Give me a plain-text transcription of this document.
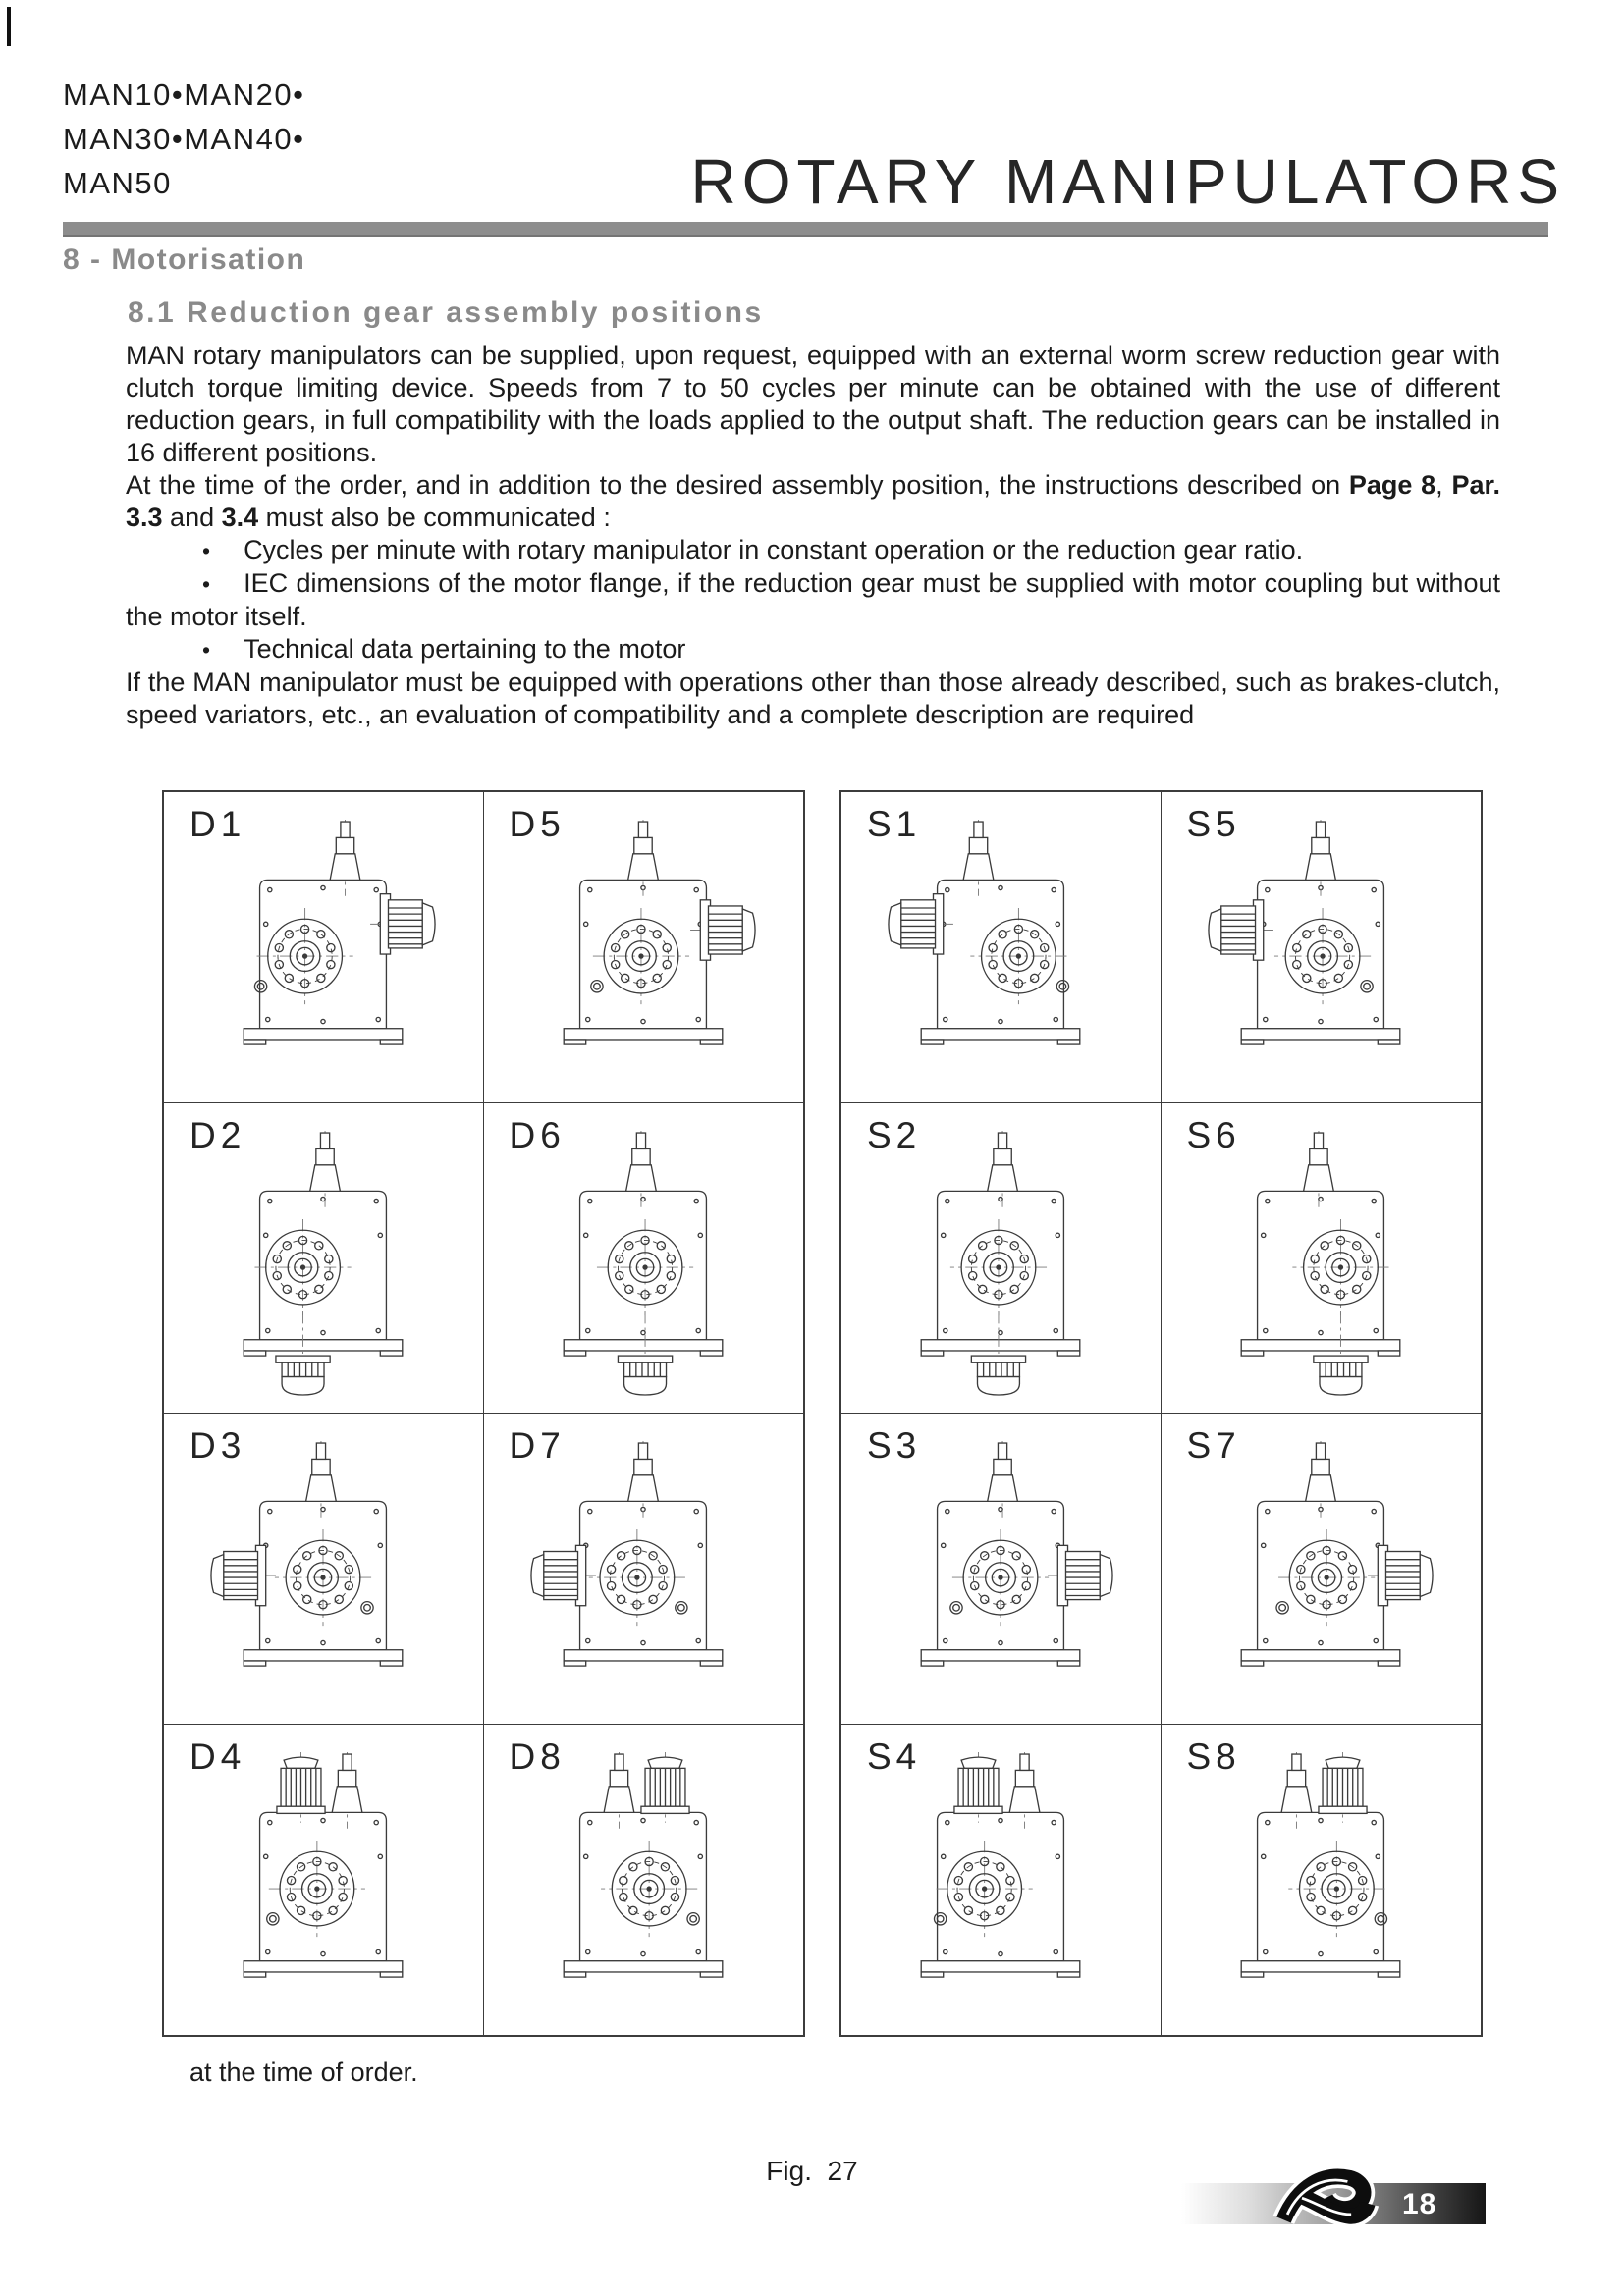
MAN10•MAN20•
MAN30•MAN40•
MAN50	ROTARY MANIPULATORS
8 - Motorisation
8.1 Reduction gear assembly positions

MAN rotary manipulators can be supplied, upon request, equipped with an external worm screw reduction gear with clutch torque limiting device. Speeds from 7 to 50 cycles per minute can be obtained with the use of different reduction gears, in full compatibility with the loads applied to the output shaft. The reduction gears can be installed in 16 different positions.

At the time of the order, and in addition to the desired assembly position, the instructions described on Page 8, Par. 3.3 and 3.4 must also be communicated :

• Cycles per minute with rotary manipulator in constant operation or the reduction gear ratio.

• IEC dimensions of the motor flange, if the reduction gear must be supplied with motor coupling but without the motor itself.

• Technical data pertaining to the motor

If the MAN manipulator must be equipped with operations other than those already described, such as brakes-clutch, speed variators, etc., an evaluation of compatibility and a complete description are required

D1	D5
D2	D6
D3	D7
D4	D8
S1	S5
S2	S6
S3	S7
S4	S8

at the time of order.

Fig.  27
18
